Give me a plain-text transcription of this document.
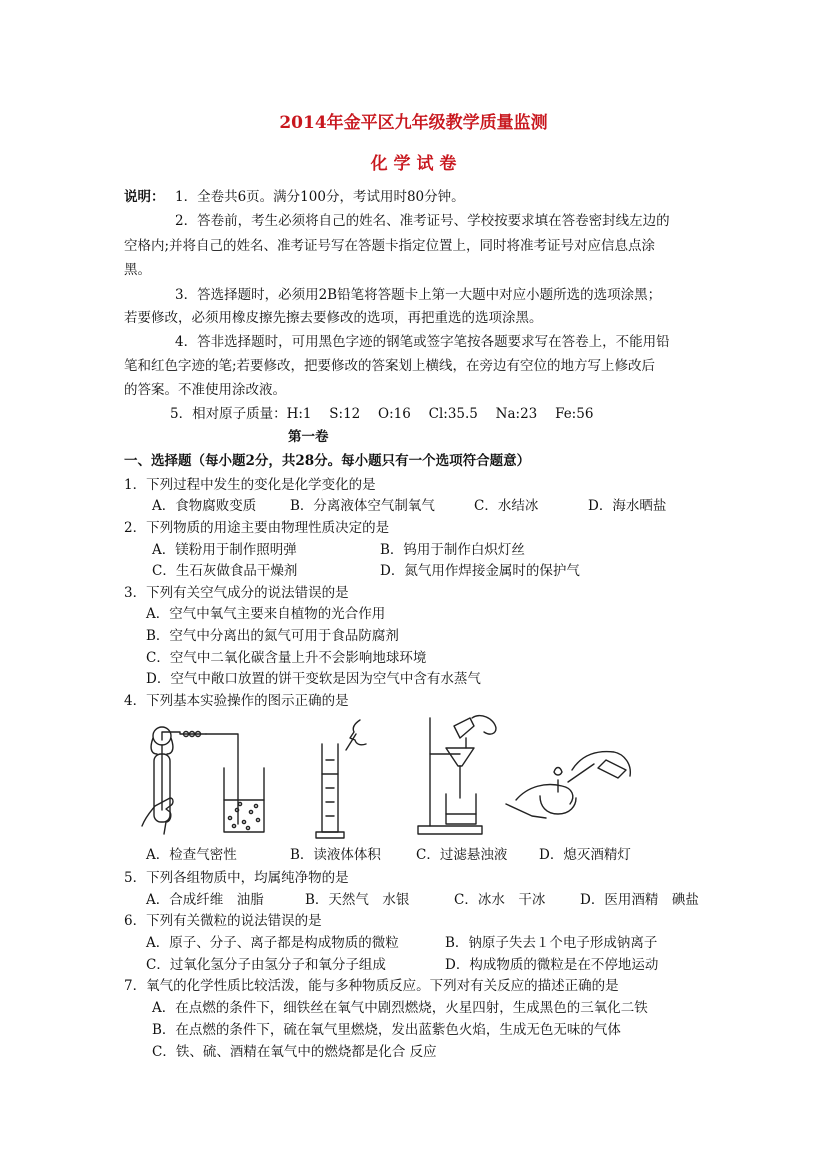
2014年金平区九年级教学质量监测
化 学 试 卷
说明： 1．全卷共6页。满分100分，考试用时80分钟。
2．答卷前，考生必须将自己的姓名、准考证号、学校按要求填在答卷密封线左边的
空格内;并将自己的姓名、准考证号写在答题卡指定位置上，同时将准考证号对应信息点涂
黑。
3．答选择题时，必须用2B铅笔将答题卡上第一大题中对应小题所选的选项涂黑；
若要修改，必须用橡皮擦先擦去要修改的选项，再把重选的选项涂黑。
4．答非选择题时，可用黑色字迹的钢笔或签字笔按各题要求写在答卷上，不能用铅
笔和红色字迹的笔;若要修改，把要修改的答案划上横线，在旁边有空位的地方写上修改后
的答案。不准使用涂改液。
5．相对原子质量：H:1　 S:12　 O:16　 Cl:35.5　 Na:23　 Fe:56
第一卷
一、选择题（每小题2分，共28分。每小题只有一个选项符合题意）
1．下列过程中发生的变化是化学变化的是
A．食物腐败变质	B．分离液体空气制氧气	C．水结冰	D．海水晒盐
2．下列物质的用途主要由物理性质决定的是
A．镁粉用于制作照明弹	B．钨用于制作白炽灯丝
C．生石灰做食品干燥剂	D．氮气用作焊接金属时的保护气
3．下列有关空气成分的说法错误的是
A．空气中氧气主要来自植物的光合作用
B．空气中分离出的氮气可用于食品防腐剂
C．空气中二氧化碳含量上升不会影响地球环境
D．空气中敞口放置的饼干变软是因为空气中含有水蒸气
4．下列基本实验操作的图示正确的是
A．检查气密性	B．读液体体积	C．过滤悬浊液 D．熄灭酒精灯
5．下列各组物质中，均属纯净物的是
A．合成纤维　油脂	B．天然气　水银	C．冰水　干冰	D．医用酒精　碘盐
6．下列有关微粒的说法错误的是
A．原子、分子、离子都是构成物质的微粒	B．钠原子失去１个电子形成钠离子
C．过氧化氢分子由氢分子和氧分子组成	D．构成物质的微粒是在不停地运动
7．氧气的化学性质比较活泼，能与多种物质反应。下列对有关反应的描述正确的是
A．在点燃的条件下，细铁丝在氧气中剧烈燃烧，火星四射，生成黑色的三氧化二铁
B．在点燃的条件下，硫在氧气里燃烧，发出蓝紫色火焰，生成无色无味的气体
C．铁、硫、酒精在氧气中的燃烧都是化合 反应
